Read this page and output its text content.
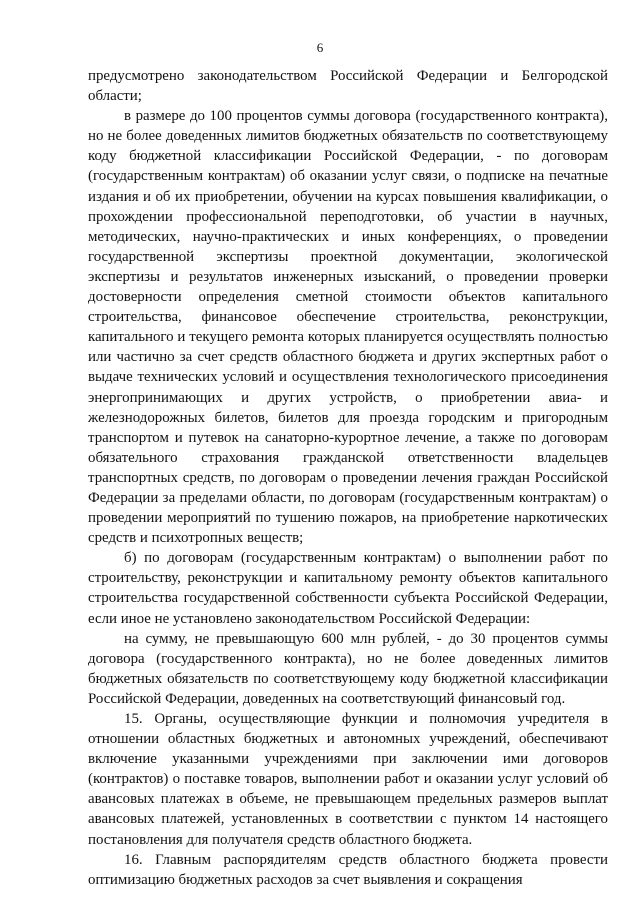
6

предусмотрено законодательством Российской Федерации и Белгородской области;

в размере до 100 процентов суммы договора (государственного контракта), но не более доведенных лимитов бюджетных обязательств по соответствующему коду бюджетной классификации Российской Федерации, - по договорам (государственным контрактам) об оказании услуг связи, о подписке на печатные издания и об их приобретении, обучении на курсах повышения квалификации, о прохождении профессиональной переподготовки, об участии в научных, методических, научно-практических и иных конференциях, о проведении государственной экспертизы проектной документации, экологической экспертизы и результатов инженерных изысканий, о проведении проверки достоверности определения сметной стоимости объектов капитального строительства, финансовое обеспечение строительства, реконструкции, капитального и текущего ремонта которых планируется осуществлять полностью или частично за счет средств областного бюджета и других экспертных работ о выдаче технических условий и осуществления технологического присоединения энергопринимающих и других устройств, о приобретении авиа- и железнодорожных билетов, билетов для проезда городским и пригородным транспортом и путевок на санаторно-курортное лечение, а также по договорам обязательного страхования гражданской ответственности владельцев транспортных средств, по договорам о проведении лечения граждан Российской Федерации за пределами области, по договорам (государственным контрактам) о проведении мероприятий по тушению пожаров, на приобретение наркотических средств и психотропных веществ;

б) по договорам (государственным контрактам) о выполнении работ по строительству, реконструкции и капитальному ремонту объектов капитального строительства государственной собственности субъекта Российской Федерации, если иное не установлено законодательством Российской Федерации:

на сумму, не превышающую 600 млн рублей, - до 30 процентов суммы договора (государственного контракта), но не более доведенных лимитов бюджетных обязательств по соответствующему коду бюджетной классификации Российской Федерации, доведенных на соответствующий финансовый год.

15. Органы, осуществляющие функции и полномочия учредителя в отношении областных бюджетных и автономных учреждений, обеспечивают включение указанными учреждениями при заключении ими договоров (контрактов) о поставке товаров, выполнении работ и оказании услуг условий об авансовых платежах в объеме, не превышающем предельных размеров выплат авансовых платежей, установленных в соответствии с пунктом 14 настоящего постановления для получателя средств областного бюджета.

16. Главным распорядителям средств областного бюджета провести оптимизацию бюджетных расходов за счет выявления и сокращения
